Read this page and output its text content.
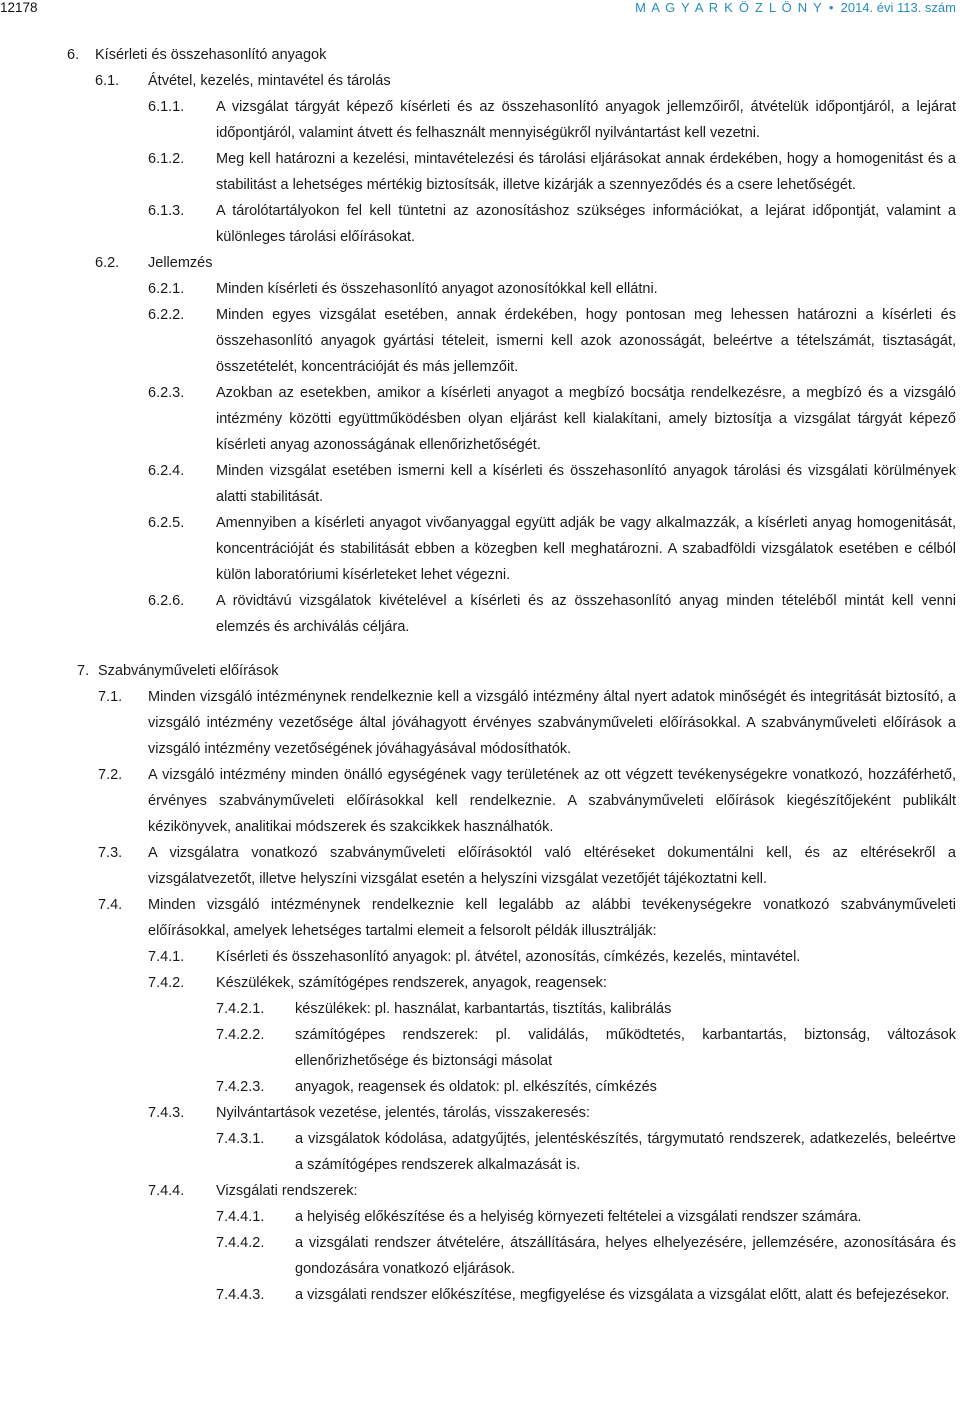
12178	M A G Y A R K Ö Z L Ö N Y • 2014. évi 113. szám
6. Kísérleti és összehasonlító anyagok
6.1. Átvétel, kezelés, mintavétel és tárolás
6.1.1. A vizsgálat tárgyát képező kísérleti és az összehasonlító anyagok jellemzőiről, átvételük időpontjáról, a lejárat időpontjáról, valamint átvett és felhasznált mennyiségükről nyilvántartást kell vezetni.
6.1.2. Meg kell határozni a kezelési, mintavételezési és tárolási eljárásokat annak érdekében, hogy a homogenitást és a stabilitást a lehetséges mértékig biztosítsák, illetve kizárják a szennyeződés és a csere lehetőségét.
6.1.3. A tárolótartályokon fel kell tüntetni az azonosításhoz szükséges információkat, a lejárat időpontját, valamint a különleges tárolási előírásokat.
6.2. Jellemzés
6.2.1. Minden kísérleti és összehasonlító anyagot azonosítókkal kell ellátni.
6.2.2. Minden egyes vizsgálat esetében, annak érdekében, hogy pontosan meg lehessen határozni a kísérleti és összehasonlító anyagok gyártási tételeit, ismerni kell azok azonosságát, beleértve a tételszámát, tisztaságát, összetételét, koncentrációját és más jellemzőit.
6.2.3. Azokban az esetekben, amikor a kísérleti anyagot a megbízó bocsátja rendelkezésre, a megbízó és a vizsgáló intézmény közötti együttműködésben olyan eljárást kell kialakítani, amely biztosítja a vizsgálat tárgyát képező kísérleti anyag azonosságának ellenőrizhetőségét.
6.2.4. Minden vizsgálat esetében ismerni kell a kísérleti és összehasonlító anyagok tárolási és vizsgálati körülmények alatti stabilitását.
6.2.5. Amennyiben a kísérleti anyagot vivőanyaggal együtt adják be vagy alkalmazzák, a kísérleti anyag homogenitását, koncentrációját és stabilitását ebben a közegben kell meghatározni. A szabadföldi vizsgálatok esetében e célból külön laboratóriumi kísérleteket lehet végezni.
6.2.6. A rövidtávú vizsgálatok kivételével a kísérleti és az összehasonlító anyag minden tételéből mintát kell venni elemzés és archiválás céljára.
7. Szabványműveleti előírások
7.1. Minden vizsgáló intézménynek rendelkeznie kell a vizsgáló intézmény által nyert adatok minőségét és integritását biztosító, a vizsgáló intézmény vezetősége által jóváhagyott érvényes szabványműveleti előírásokkal. A szabványműveleti előírások a vizsgáló intézmény vezetőségének jóváhagyásával módosíthatók.
7.2. A vizsgáló intézmény minden önálló egységének vagy területének az ott végzett tevékenységekre vonatkozó, hozzáférhető, érvényes szabványműveleti előírásokkal kell rendelkeznie. A szabványműveleti előírások kiegészítőjeként publikált kézikönyvek, analitikai módszerek és szakcikkek használhatók.
7.3. A vizsgálatra vonatkozó szabványműveleti előírásoktól való eltéréseket dokumentálni kell, és az eltérésekről a vizsgálatvezetőt, illetve helyszíni vizsgálat esetén a helyszíni vizsgálat vezetőjét tájékoztatni kell.
7.4. Minden vizsgáló intézménynek rendelkeznie kell legalább az alábbi tevékenységekre vonatkozó szabványműveleti előírásokkal, amelyek lehetséges tartalmi elemeit a felsorolt példák illusztrálják:
7.4.1. Kísérleti és összehasonlító anyagok: pl. átvétel, azonosítás, címkézés, kezelés, mintavétel.
7.4.2. Készülékek, számítógépes rendszerek, anyagok, reagensek:
7.4.2.1. készülékek: pl. használat, karbantartás, tisztítás, kalibrálás
7.4.2.2. számítógépes rendszerek: pl. validálás, működtetés, karbantartás, biztonság, változások ellenőrizhetősége és biztonsági másolat
7.4.2.3. anyagok, reagensek és oldatok: pl. elkészítés, címkézés
7.4.3. Nyilvántartások vezetése, jelentés, tárolás, visszakeresés:
7.4.3.1. a vizsgálatok kódolása, adatgyűjtés, jelentéskészítés, tárgymutató rendszerek, adatkezelés, beleértve a számítógépes rendszerek alkalmazását is.
7.4.4. Vizsgálati rendszerek:
7.4.4.1. a helyiség előkészítése és a helyiség környezeti feltételei a vizsgálati rendszer számára.
7.4.4.2. a vizsgálati rendszer átvételére, átszállítására, helyes elhelyezésére, jellemzésére, azonosítására és gondozására vonatkozó eljárások.
7.4.4.3. a vizsgálati rendszer előkészítése, megfigyelése és vizsgálata a vizsgálat előtt, alatt és befejezésekor.
